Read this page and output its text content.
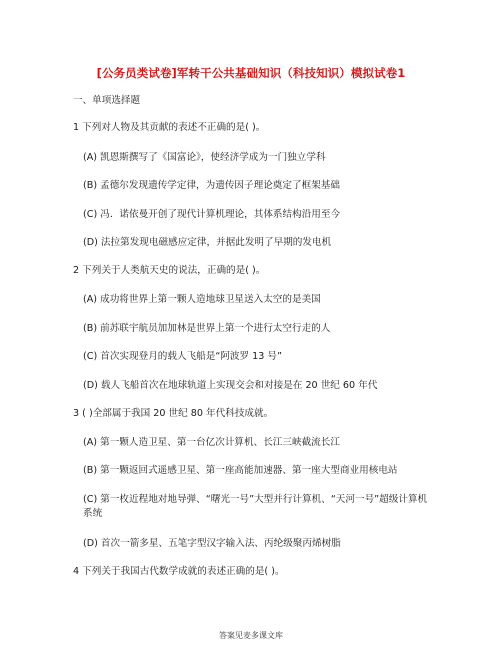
[公务员类试卷]军转干公共基础知识（科技知识）模拟试卷1
一、单项选择题
1 下列对人物及其贡献的表述不正确的是( )。
(A) 凯恩斯撰写了《国富论》，使经济学成为一门独立学科
(B) 孟德尔发现遗传学定律，为遗传因子理论奠定了框架基础
(C) 冯．诺依曼开创了现代计算机理论，其体系结构沿用至今
(D) 法拉第发现电磁感应定律，并据此发明了早期的发电机
2 下列关于人类航天史的说法，正确的是( )。
(A) 成功将世界上第一颗人造地球卫星送入太空的是美国
(B) 前苏联宇航员加加林是世界上第一个进行太空行走的人
(C) 首次实现登月的载人飞船是“阿波罗 13 号”
(D) 载人飞船首次在地球轨道上实现交会和对接是在 20 世纪 60 年代
3 ( )全部属于我国 20 世纪 80 年代科技成就。
(A) 第一颗人造卫星、第一台亿次计算机、长江三峡截流长江
(B) 第一颗返回式遥感卫星、第一座高能加速器、第一座大型商业用核电站
(C) 第一枚近程地对地导弹、“曙光一号”大型并行计算机、“天河一号”超级计算机系统
(D) 首次一箭多星、五笔字型汉字输入法、丙纶级聚丙烯树脂
4 下列关于我国古代数学成就的表述正确的是( )。
答案见麦多课文库
